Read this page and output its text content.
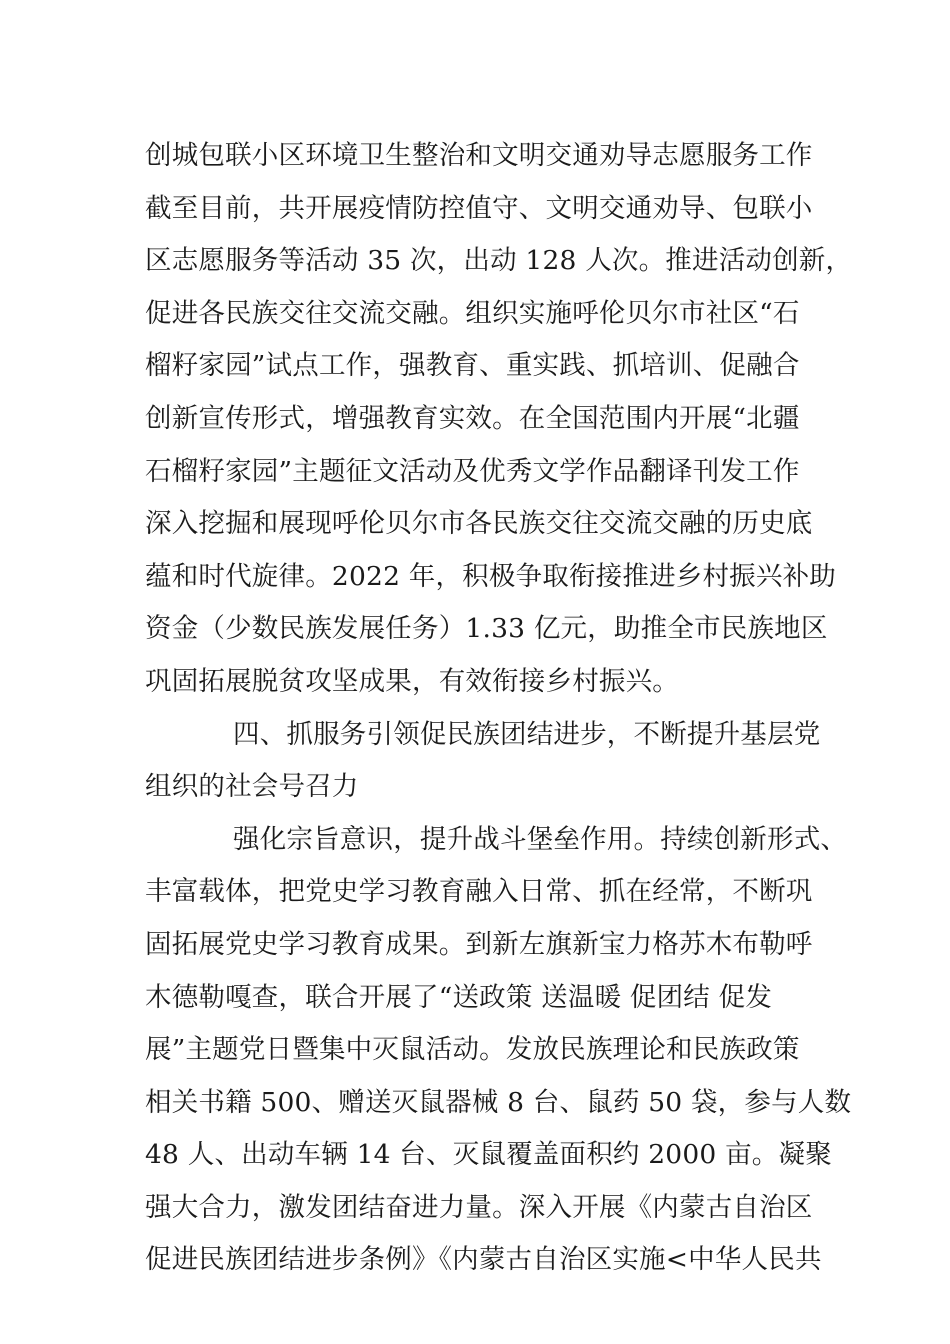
创城包联小区环境卫生整治和文明交通劝导志愿服务工作
截至目前，共开展疫情防控值守、文明交通劝导、包联小
区志愿服务等活动 35 次，出动 128 人次。推进活动创新，
促进各民族交往交流交融。组织实施呼伦贝尔市社区“石
榴籽家园”试点工作，强教育、重实践、抓培训、促融合
创新宣传形式，增强教育实效。在全国范围内开展“北疆
石榴籽家园”主题征文活动及优秀文学作品翻译刊发工作
深入挖掘和展现呼伦贝尔市各民族交往交流交融的历史底
蕴和时代旋律。2022 年，积极争取衔接推进乡村振兴补助
资金（少数民族发展任务）1.33 亿元，助推全市民族地区
巩固拓展脱贫攻坚成果，有效衔接乡村振兴。
四、抓服务引领促民族团结进步，不断提升基层党
组织的社会号召力
强化宗旨意识，提升战斗堡垒作用。持续创新形式、
丰富载体，把党史学习教育融入日常、抓在经常，不断巩
固拓展党史学习教育成果。到新左旗新宝力格苏木布勒呼
木德勒嘎查，联合开展了“送政策 送温暖 促团结 促发
展”主题党日暨集中灭鼠活动。发放民族理论和民族政策
相关书籍 500、赠送灭鼠器械 8 台、鼠药 50 袋，参与人数
48 人、出动车辆 14 台、灭鼠覆盖面积约 2000 亩。凝聚
强大合力，激发团结奋进力量。深入开展《内蒙古自治区
促进民族团结进步条例》《内蒙古自治区实施<中华人民共
